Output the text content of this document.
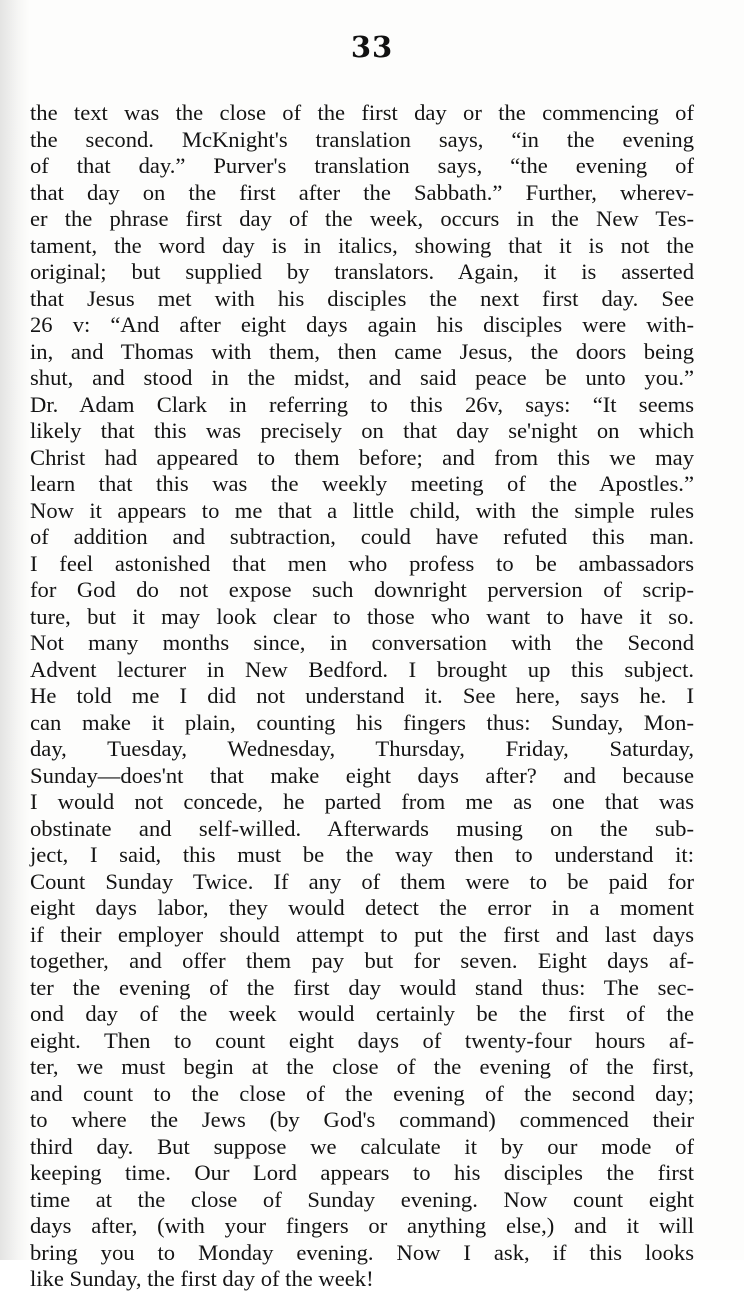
33
the text was the close of the first day or the commencing of
the second. McKnight's translation says, “in the evening
of that day.” Purver's translation says, “the evening of
that day on the first after the Sabbath.” Further, wherev-
er the phrase first day of the week, occurs in the New Tes-
tament, the word day is in italics, showing that it is not the
original; but supplied by translators. Again, it is asserted
that Jesus met with his disciples the next first day. See
26 v: “And after eight days again his disciples were with-
in, and Thomas with them, then came Jesus, the doors being
shut, and stood in the midst, and said peace be unto you.”
Dr. Adam Clark in referring to this 26v, says: “It seems
likely that this was precisely on that day se'night on which
Christ had appeared to them before; and from this we may
learn that this was the weekly meeting of the Apostles.”
Now it appears to me that a little child, with the simple rules
of addition and subtraction, could have refuted this man.
I feel astonished that men who profess to be ambassadors
for God do not expose such downright perversion of scrip-
ture, but it may look clear to those who want to have it so.
Not many months since, in conversation with the Second
Advent lecturer in New Bedford. I brought up this subject.
He told me I did not understand it. See here, says he. I
can make it plain, counting his fingers thus: Sunday, Mon-
day, Tuesday, Wednesday, Thursday, Friday, Saturday,
Sunday—does'nt that make eight days after? and because
I would not concede, he parted from me as one that was
obstinate and self-willed. Afterwards musing on the sub-
ject, I said, this must be the way then to understand it:
Count Sunday Twice. If any of them were to be paid for
eight days labor, they would detect the error in a moment
if their employer should attempt to put the first and last days
together, and offer them pay but for seven. Eight days af-
ter the evening of the first day would stand thus: The sec-
ond day of the week would certainly be the first of the
eight. Then to count eight days of twenty-four hours af-
ter, we must begin at the close of the evening of the first,
and count to the close of the evening of the second day;
to where the Jews (by God's command) commenced their
third day. But suppose we calculate it by our mode of
keeping time. Our Lord appears to his disciples the first
time at the close of Sunday evening. Now count eight
days after, (with your fingers or anything else,) and it will
bring you to Monday evening. Now I ask, if this looks
like Sunday, the first day of the week!
